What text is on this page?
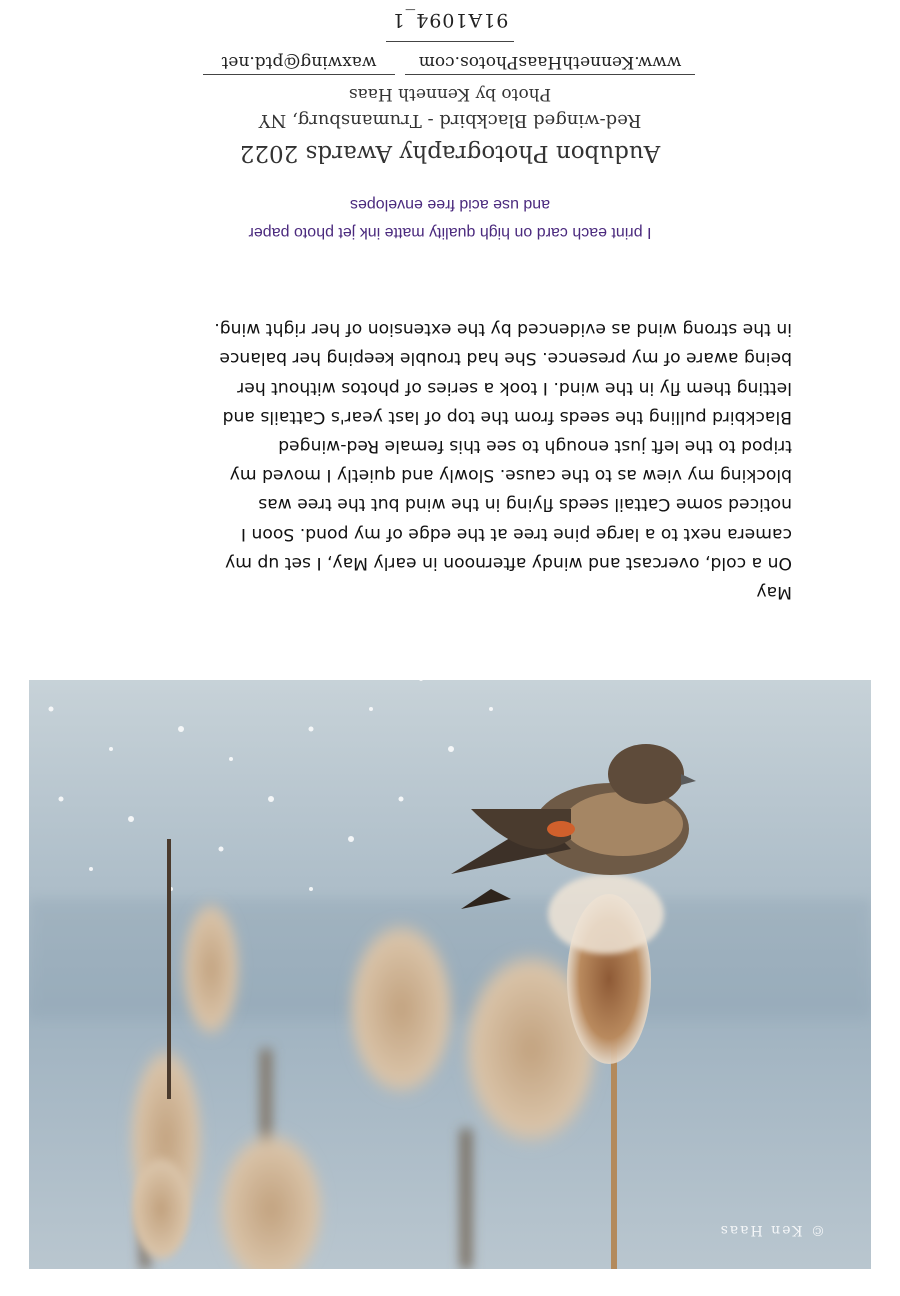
© Ken Haas
May
On a cold, overcast and windy afternoon in early May, I set up my
camera next to a large pine tree at the edge of my pond. Soon I
noticed some Cattail seeds flying in the wind but the tree was
blocking my view as to the cause. Slowly and quietly I moved my
tripod to the left just enough to see this female Red-winged
Blackbird pulling the seeds from the top of last year's Cattails and
letting them fly in the wind. I took a series of photos without her
being aware of my presence. She had trouble keeping her balance
in the strong wind as evidenced by the extension of her right wing.
I print each card on high quality matte ink jet photo paper
and use acid free envelopes
Audubon Photography Awards 2022
Red-winged Blackbird - Trumansburg, NY
Photo by Kenneth Haas
www.KennethHaasPhotos.com
waxwing@ptd.net
91A1094_1
